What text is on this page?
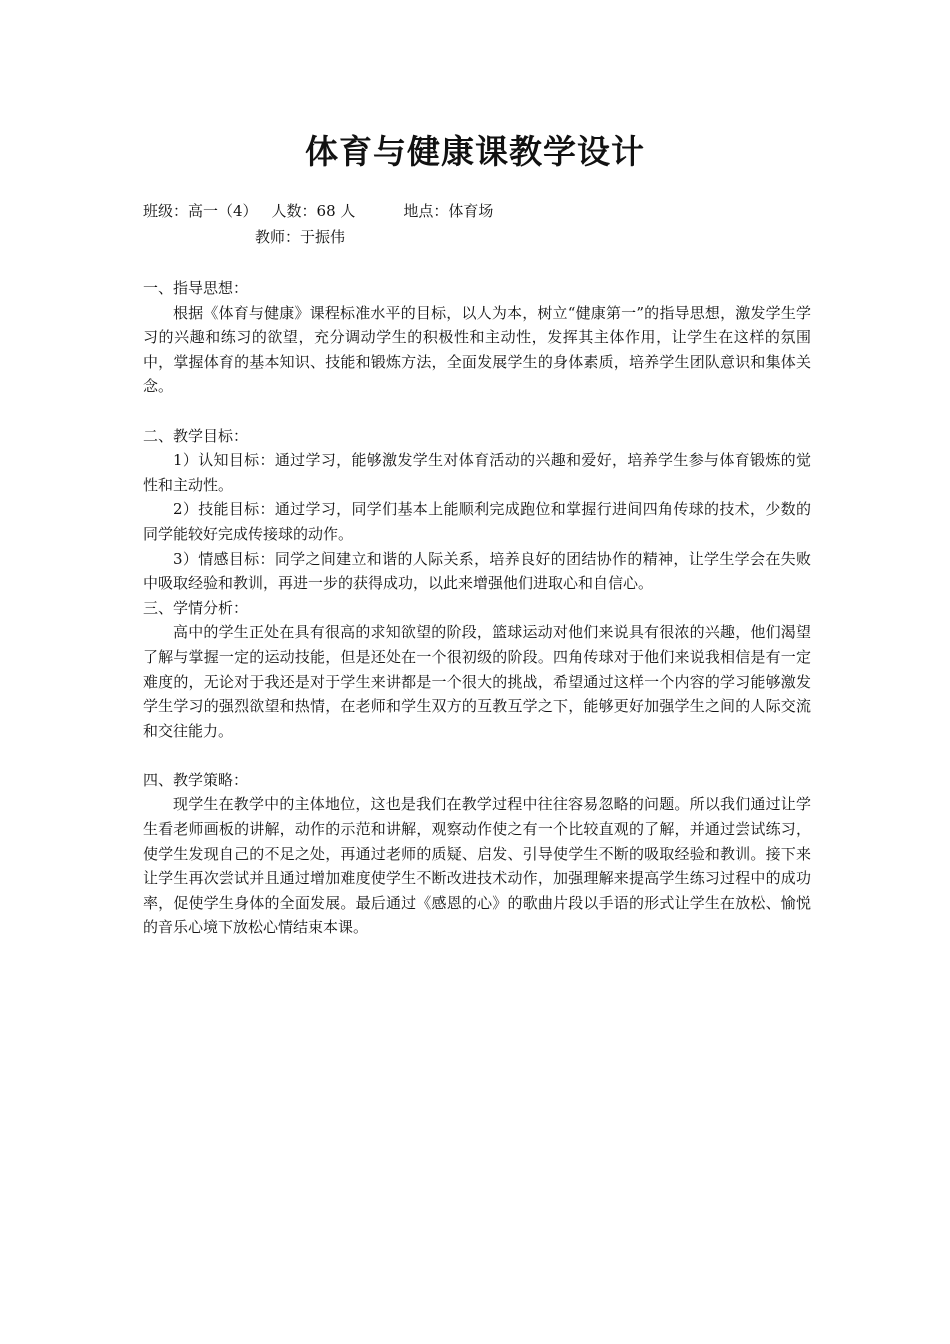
体育与健康课教学设计
班级：高一（4） 人数：68 人	地点：体育场
教师：于振伟

一、指导思想：

根据《体育与健康》课程标准水平的目标，以人为本，树立“健康第一”的指导思想，激发学生学习的兴趣和练习的欲望，充分调动学生的积极性和主动性，发挥其主体作用，让学生在这样的氛围中，掌握体育的基本知识、技能和锻炼方法，全面发展学生的身体素质，培养学生团队意识和集体关念。

二、教学目标：

1）认知目标：通过学习，能够激发学生对体育活动的兴趣和爱好，培养学生参与体育锻炼的觉性和主动性。

2）技能目标：通过学习，同学们基本上能顺利完成跑位和掌握行进间四角传球的技术，少数的同学能较好完成传接球的动作。

3）情感目标：同学之间建立和谐的人际关系，培养良好的团结协作的精神，让学生学会在失败中吸取经验和教训，再进一步的获得成功，以此来增强他们进取心和自信心。

三、学情分析：

高中的学生正处在具有很高的求知欲望的阶段，篮球运动对他们来说具有很浓的兴趣，他们渴望了解与掌握一定的运动技能，但是还处在一个很初级的阶段。四角传球对于他们来说我相信是有一定难度的，无论对于我还是对于学生来讲都是一个很大的挑战，希望通过这样一个内容的学习能够激发学生学习的强烈欲望和热情，在老师和学生双方的互教互学之下，能够更好加强学生之间的人际交流和交往能力。

四、教学策略：

现学生在教学中的主体地位，这也是我们在教学过程中往往容易忽略的问题。所以我们通过让学生看老师画板的讲解，动作的示范和讲解，观察动作使之有一个比较直观的了解，并通过尝试练习，使学生发现自己的不足之处，再通过老师的质疑、启发、引导使学生不断的吸取经验和教训。接下来让学生再次尝试并且通过增加难度使学生不断改进技术动作，加强理解来提高学生练习过程中的成功率，促使学生身体的全面发展。最后通过《感恩的心》的歌曲片段以手语的形式让学生在放松、愉悦的音乐心境下放松心情结束本课。
